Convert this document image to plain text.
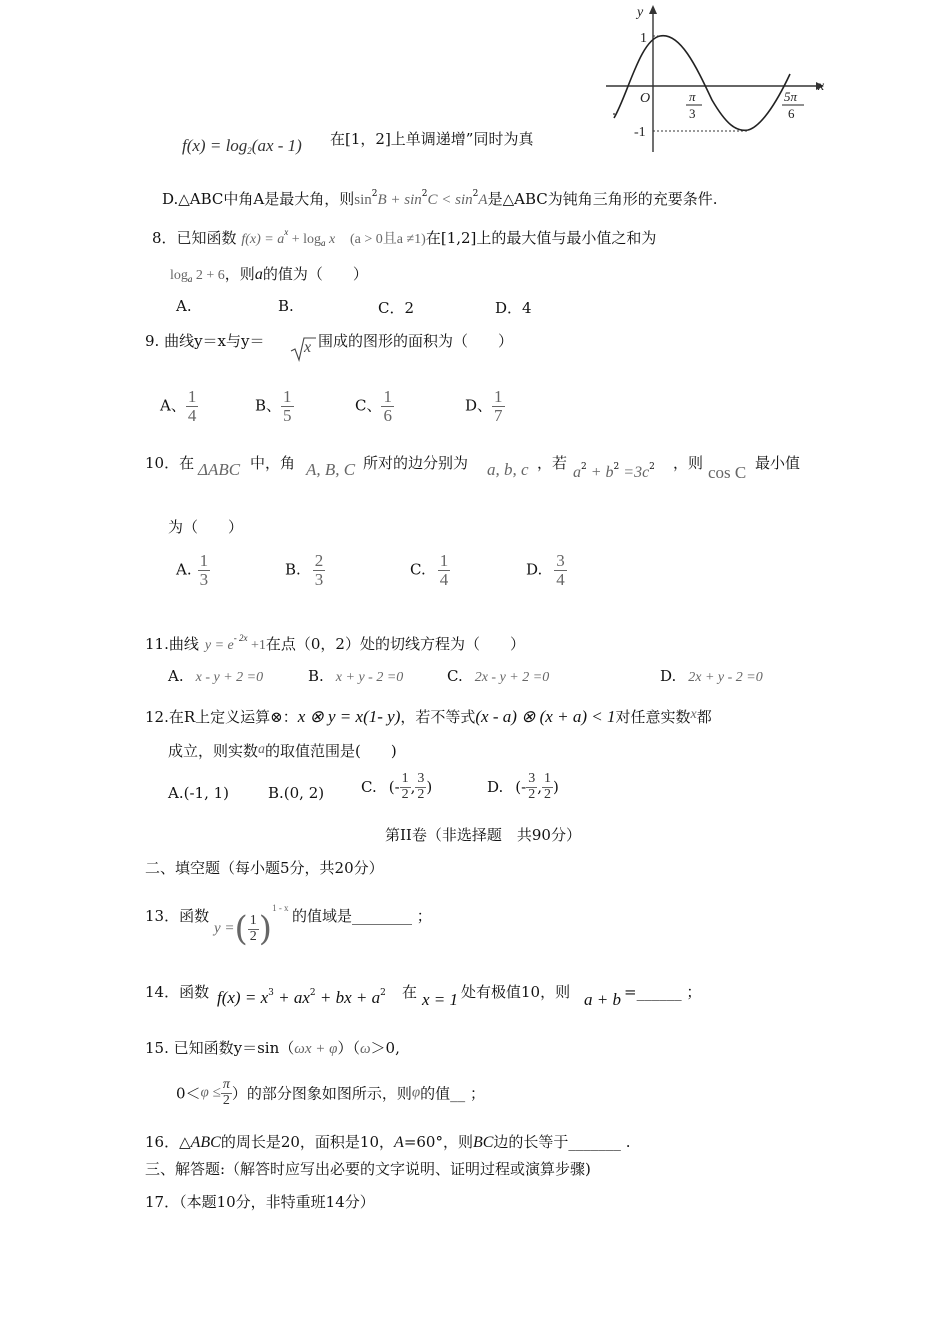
y
x
O
1
-1
π
3
5π
6
$f(x) = \log_2(ax - 1)$ 在[1，2]上单调递增”同时为真
D.△ABC中角A是最大角，则$\sin^2B + \sin^2C < \sin^2A$是△ABC为钝角三角形的充要条件.
8．已知函数 $f(x) = a^x + \log_a x$ (a > 0且a ≠1)在[1,2]上的最大值与最小值之和为
$\log_a 2 + 6$，则a的值为（　　）
A.	B.	C．2	D．4
9. 曲线y＝x与y＝ x 围成的图形的面积为（　　）
A、 $\frac{1}{4}$	B、 $\frac{1}{5}$	C、 $\frac{1}{6}$	D、 $\frac{1}{7}$
10．在 ΔABC 中，角 A, B, C 所对的边分别为 a, b, c ，若
$a^2 + b^2 =3c^2$ ，则 cos C 最小值
为（　　）
A. $\frac{1}{3}$	B. $\frac{2}{3}$	C. $\frac{1}{4}$	D. $\frac{3}{4}$
11.曲线 $y = e^{- 2x} +1$在点（0，2）处的切线方程为（　　）
A. x - y + 2 =0	B. x + y - 2 =0	C. 2x - y + 2 =0	D. 2x + y - 2 =0
12.在R上定义运算⊗：x ⊗ y = x(1- y)，若不等式(x - a) ⊗ (x + a) < 1对任意实数x都
成立，则实数a的取值范围是(　　)
A.(-1, 1)	B.(0, 2) C. (- $\frac{1}{2}$ , $\frac{3}{2}$ )	D. (- $\frac{3}{2}$ , $\frac{1}{2}$ )
第II卷（非选择题　共90分）
二、填空题（每小题5分，共20分）
13．函数
y =( $\frac{1}{2} )^{1 - x}$ 的值域是________ ；
14．函数 $f(x) = x^3 + ax^2$ + bx + $a^2$ 在 x = 1 处有极值10，则 a + b =______ ；
15. 已知函数y＝sin（ωx + φ）（ω＞0,
$0<\varphi \le \frac{\pi}{2}$ ）的部分图象如图所示，则φ的值__ ；
16．△ABC的周长是20，面积是10，A=60°，则BC边的长等于_______ .
三、解答题:（解答时应写出必要的文字说明、证明过程或演算步骤)
17．（本题10分，非特重班14分）
